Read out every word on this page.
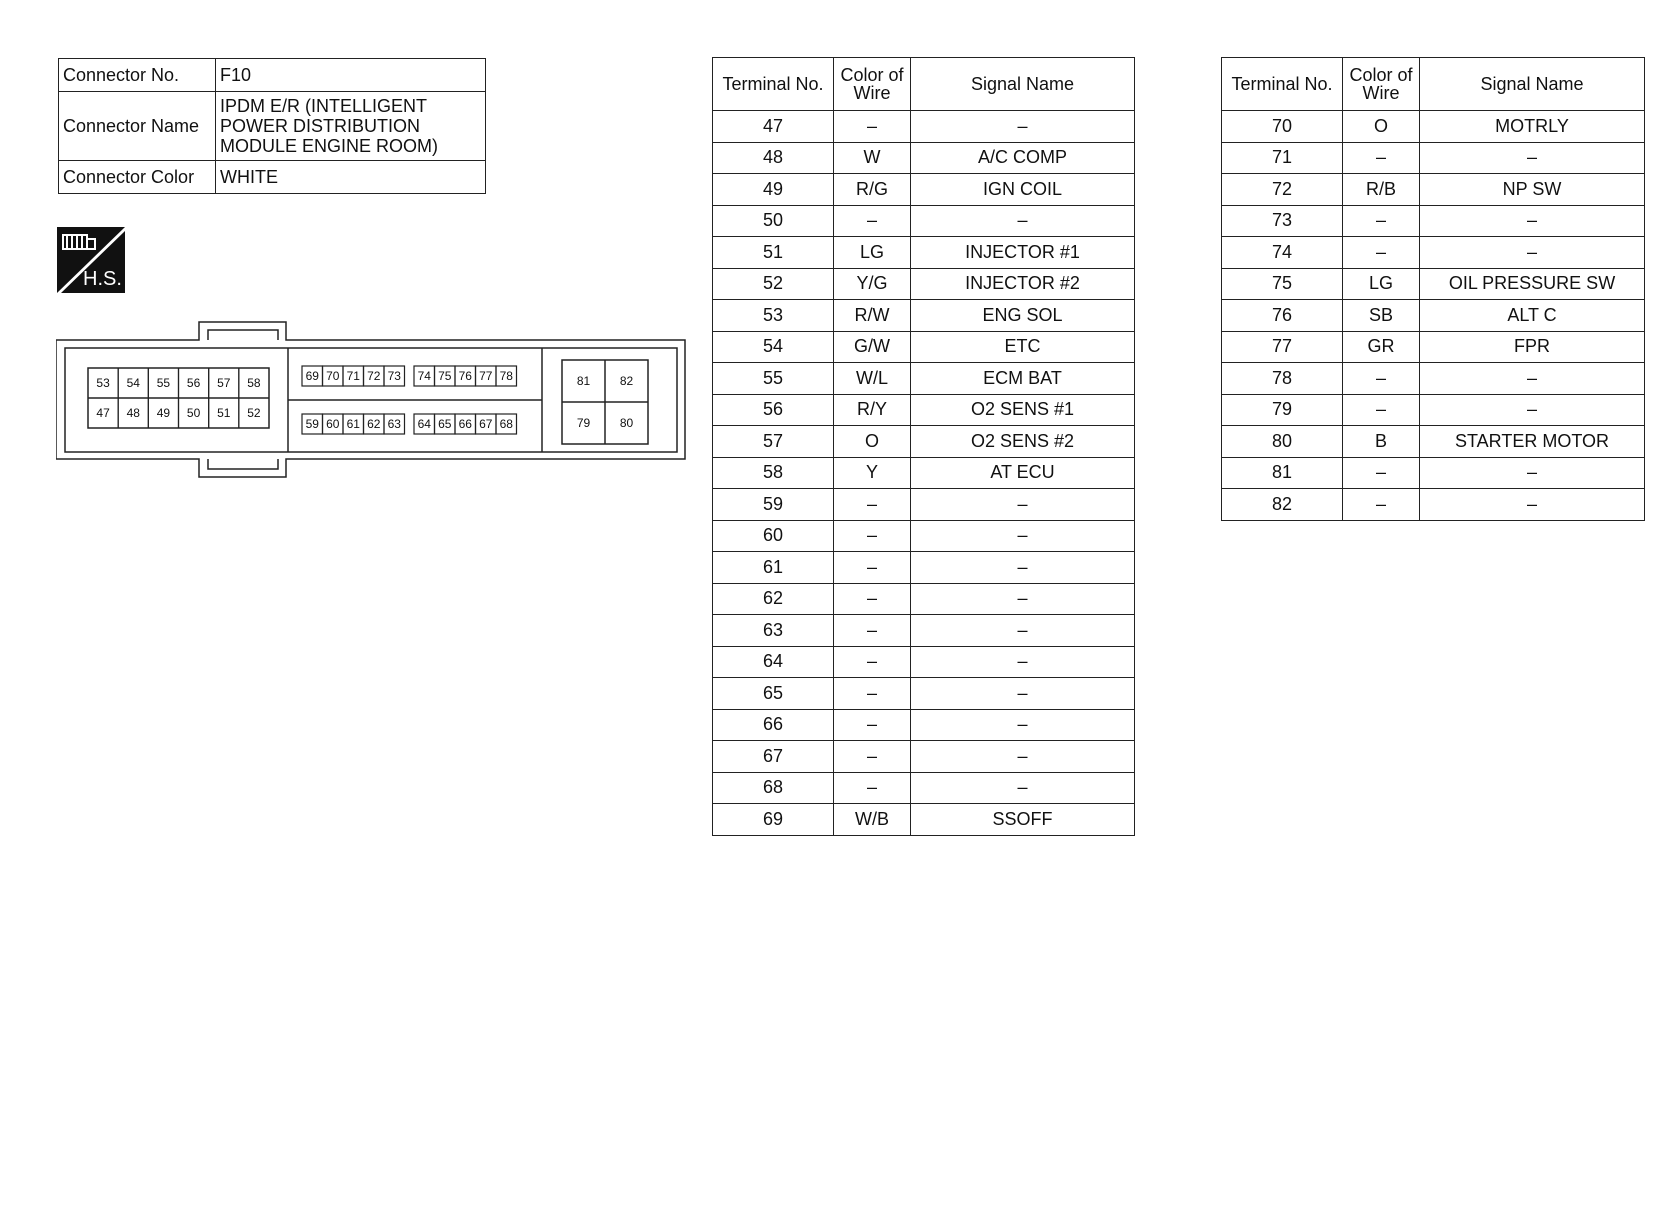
Connector No.	F10
Connector Name	IPDM E/R (INTELLIGENT POWER DISTRIBUTION MODULE ENGINE ROOM)
Connector Color	WHITE
H.S.
53 54 55 56 57 58
47 48 49 50 51 52
69 70 71 72 73 74 75 76 77 78
59 60 61 62 63 64 65 66 67 68
81 82
79 80
Terminal No.	Color of Wire	Signal Name
47	–	–
48	W	A/C COMP
49	R/G	IGN COIL
50	–	–
51	LG	INJECTOR #1
52	Y/G	INJECTOR #2
53	R/W	ENG SOL
54	G/W	ETC
55	W/L	ECM BAT
56	R/Y	O2 SENS #1
57	O	O2 SENS #2
58	Y	AT ECU
59	–	–
60	–	–
61	–	–
62	–	–
63	–	–
64	–	–
65	–	–
66	–	–
67	–	–
68	–	–
69	W/B	SSOFF
Terminal No.	Color of Wire	Signal Name
70	O	MOTRLY
71	–	–
72	R/B	NP SW
73	–	–
74	–	–
75	LG	OIL PRESSURE SW
76	SB	ALT C
77	GR	FPR
78	–	–
79	–	–
80	B	STARTER MOTOR
81	–	–
82	–	–
